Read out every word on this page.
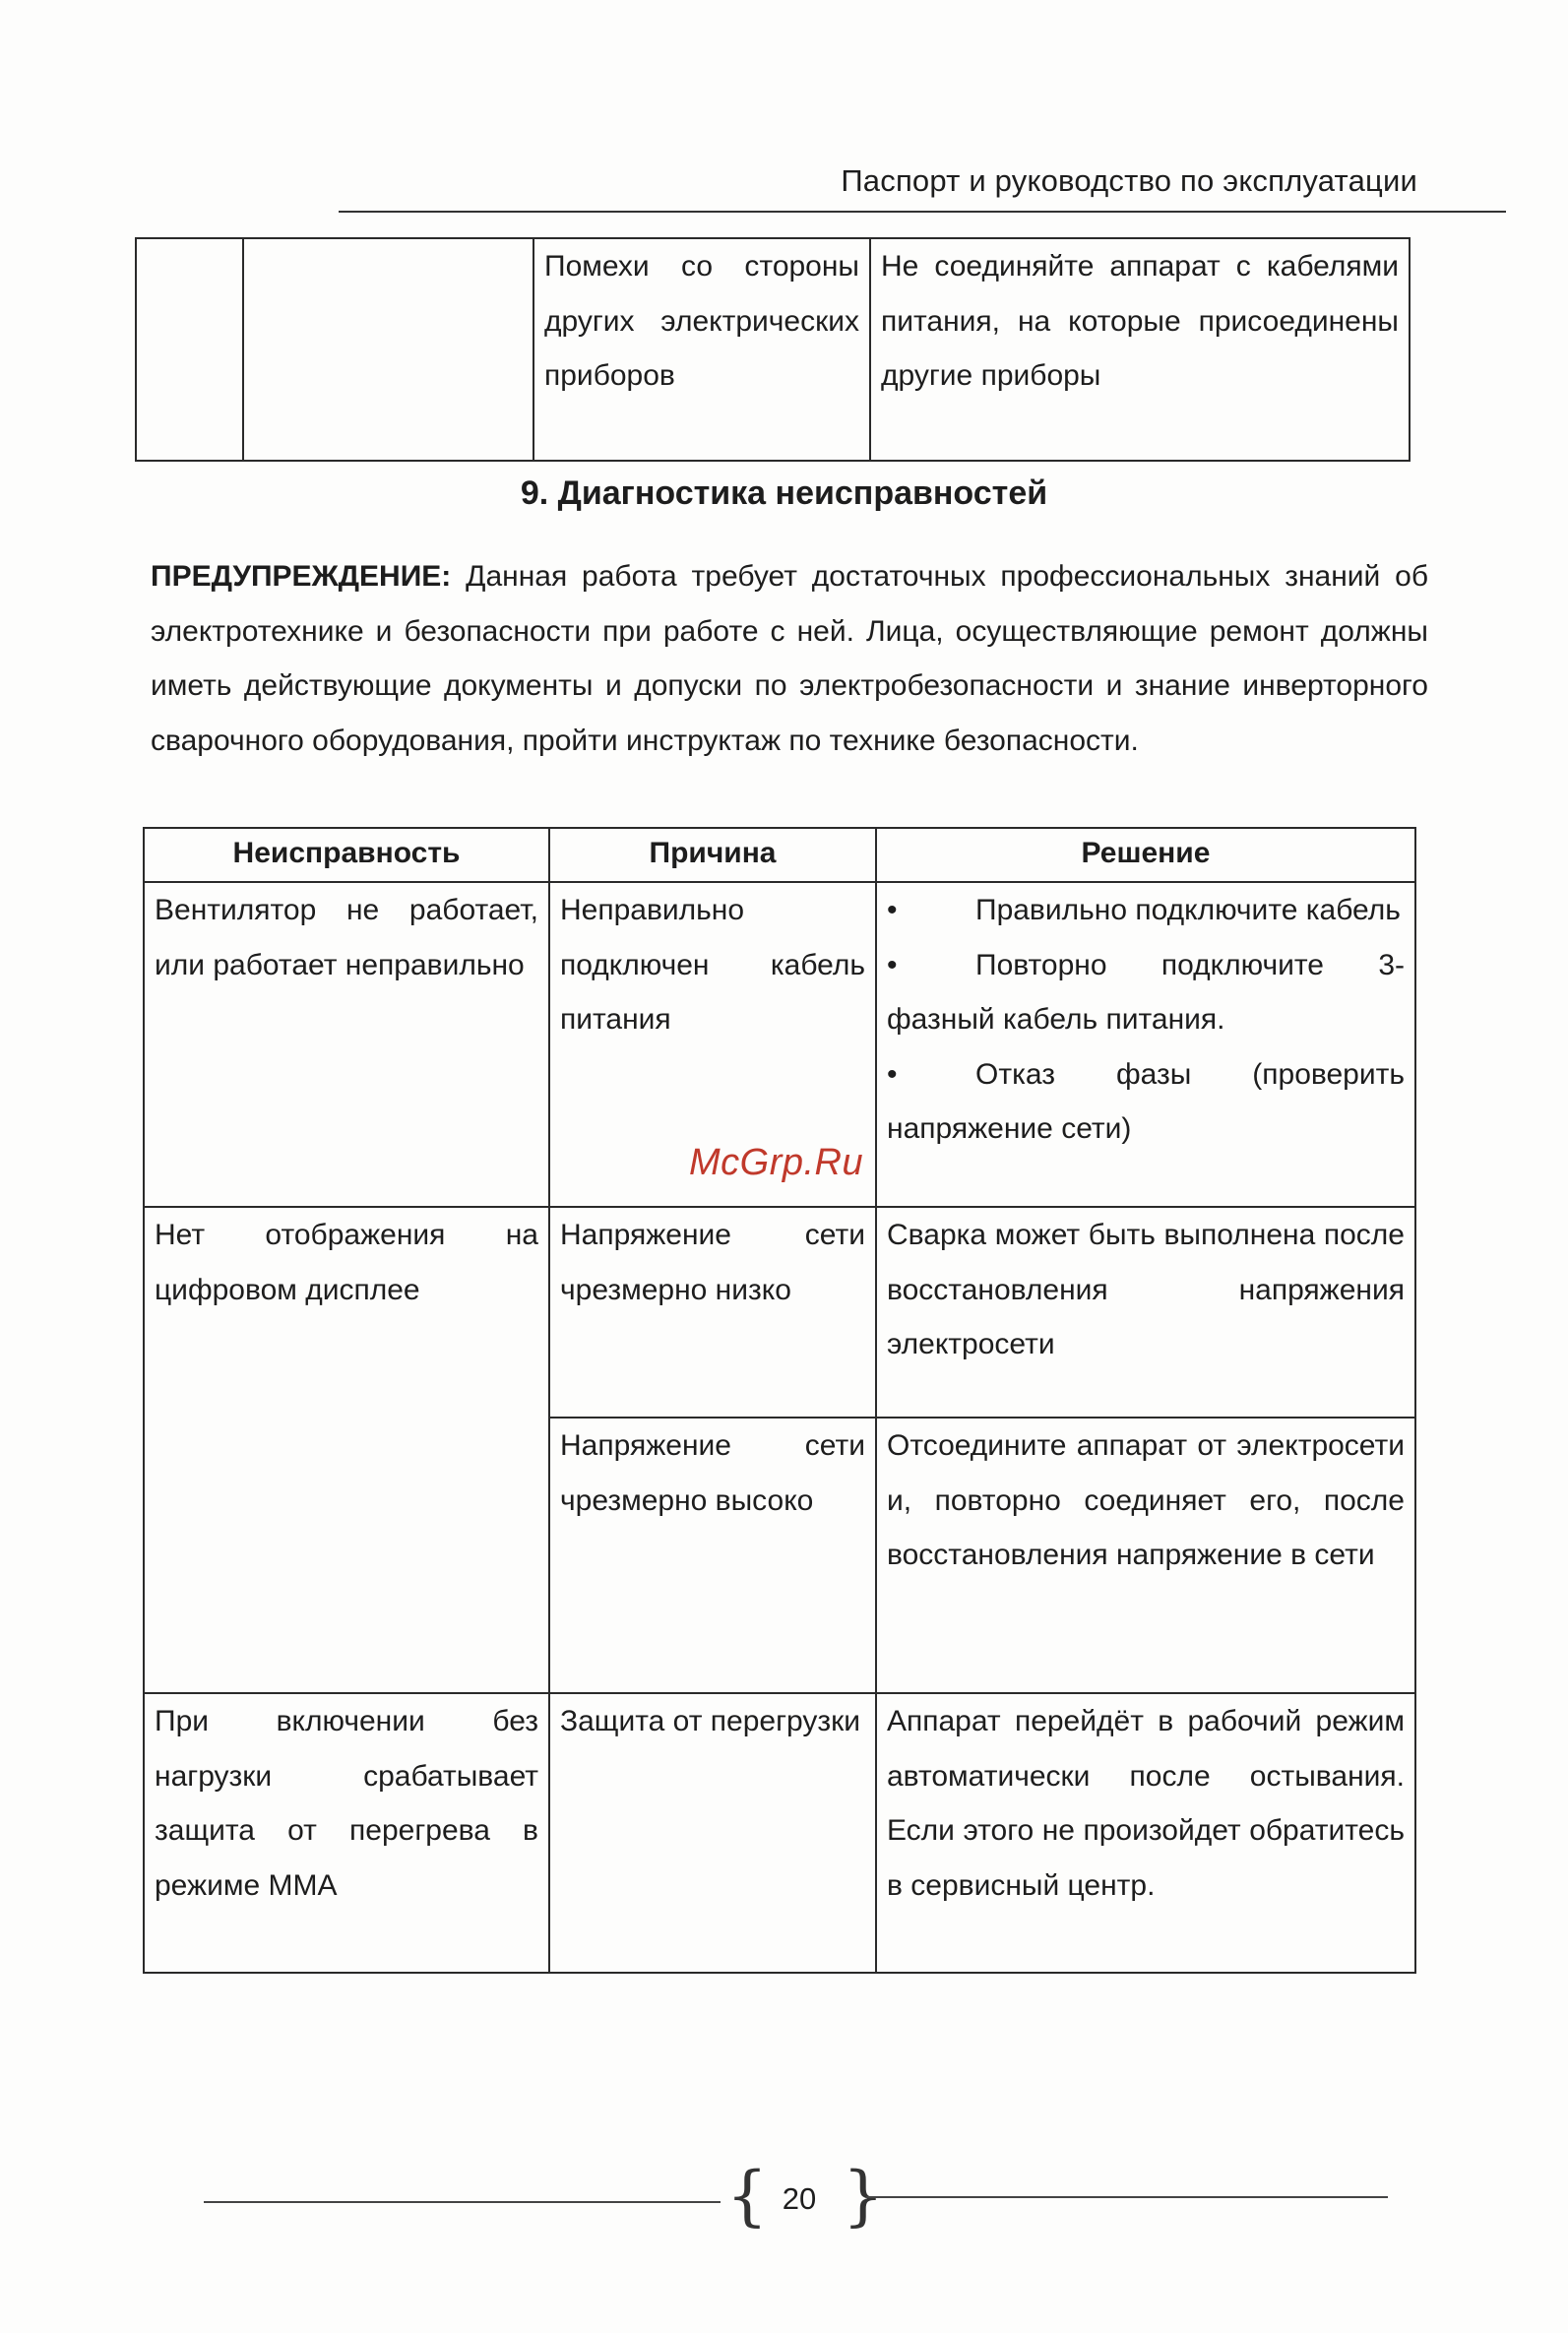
Паспорт и руководство по эксплуатации
		Помехи со стороны других электрических приборов	Не соединяйте аппарат с кабелями питания, на которые присоединены другие приборы
9. Диагностика неисправностей

ПРЕДУПРЕЖДЕНИЕ: Данная работа требует достаточных профессиональных знаний об электротехнике и безопасности при работе с ней. Лица, осуществляющие ремонт должны иметь действующие документы и допуски по электробезопасности и знание инверторного сварочного оборудования, пройти инструктаж по технике безопасности.

Неисправность	Причина	Решение
Вентилятор не работает, или работает неправильно	Неправильно подключен кабель питания	• Правильно подключите кабель
• Повторно подключите 3-фазный кабель питания.
• Отказ фазы (проверить напряжение сети)

Нет отображения на цифровом дисплее	Напряжение сети чрезмерно низко	Сварка может быть выполнена после восстановления напряжения электросети
	Напряжение сети чрезмерно высоко	Отсоедините аппарат от электросети и, повторно соединяет его, после восстановления напряжение в сети
При включении без нагрузки срабатывает защита от перегрева в режиме ММА	Защита от перегрузки	Аппарат перейдёт в рабочий режим автоматически после остывания. Если этого не произойдет обратитесь в сервисный центр.
McGrp.Ru
{ 20 }
